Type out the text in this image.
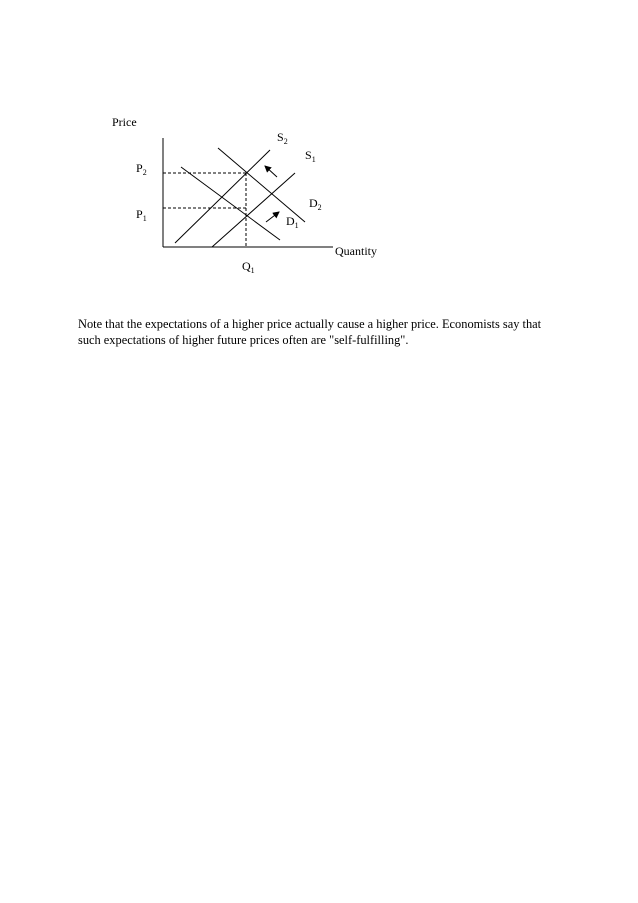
Price
Quantity
P2
P1
Q1
S2
S1
D2
D1

Note that the expectations of a higher price actually cause a higher price. Economists say that
such expectations of higher future prices often are "self-fulfilling".
